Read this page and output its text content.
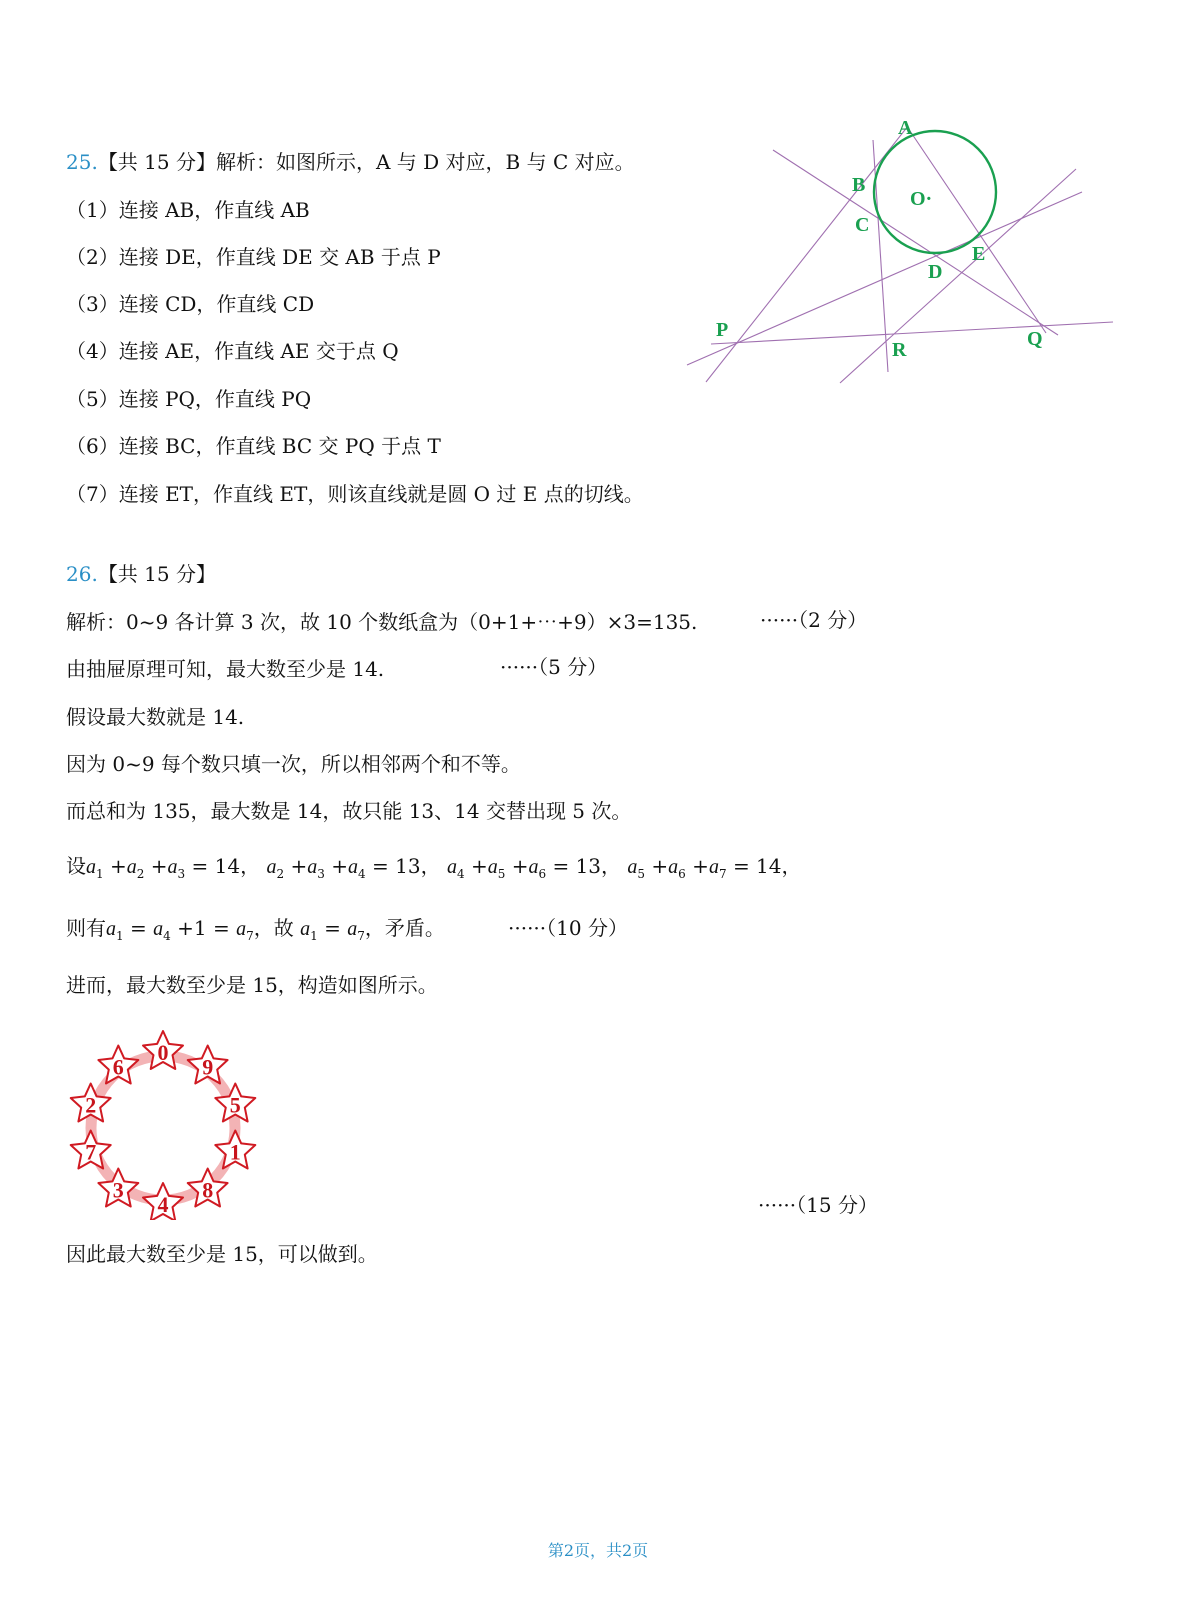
25.【共 15 分】解析：如图所示，A 与 D 对应，B 与 C 对应。
（1）连接 AB，作直线 AB
（2）连接 DE，作直线 DE 交 AB 于点 P
（3）连接 CD，作直线 CD
（4）连接 AE，作直线 AE 交于点 Q
（5）连接 PQ，作直线 PQ
（6）连接 BC，作直线 BC 交 PQ 于点 T
（7）连接 ET，作直线 ET，则该直线就是圆 O 过 E 点的切线。
A
B
C
O·
D
E
P
R	Q
26.【共 15 分】
解析：0~9 各计算 3 次，故 10 个数纸盒为（0+1+⋯+9）×3=135.	······（2 分）
由抽屉原理可知，最大数至少是 14.	······（5 分）
假设最大数就是 14.
因为 0~9 每个数只填一次，所以相邻两个和不等。
而总和为 135，最大数是 14，故只能 13、14 交替出现 5 次。
设$a_1 +a_2 +a_3 = 14$， $a_2 +a_3 +a_4 = 13$， $a_4 +a_5 +a_6 = 13$， $a_5 +a_6 +a_7 = 14$，
则有$a_1 = a_4 +1 = a_7$，故 $a_1 = a_7$，矛盾。	······（10 分）
进而，最大数至少是 15，构造如图所示。
0
9
5
1
8
4
3
7
2
6
······（15 分）
因此最大数至少是 15，可以做到。
第2页，共2页
